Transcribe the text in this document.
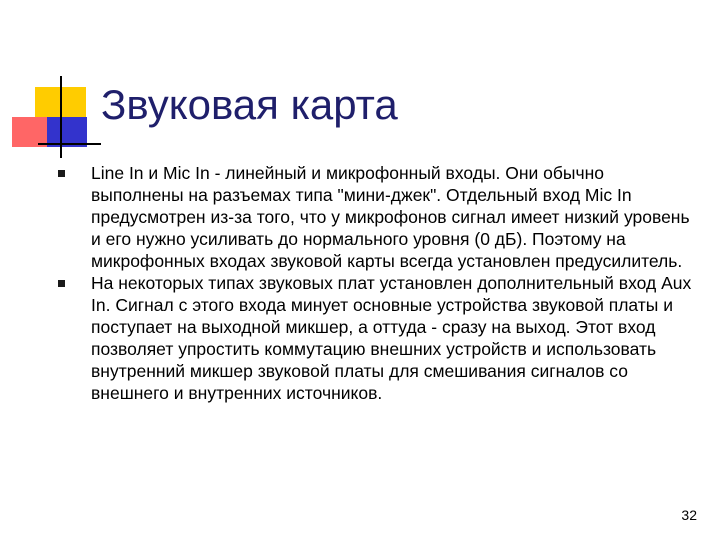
Звуковая карта
Line In и Mic In - линейный и микрофонный входы. Они обычно выполнены на разъемах типа "мини-джек". Отдельный вход Mic In предусмотрен из-за того, что у микрофонов сигнал имеет низкий уровень и его нужно усиливать до нормального уровня (0 дБ). Поэтому на микрофонных входах звуковой карты всегда установлен предусилитель.
На некоторых типах звуковых плат установлен дополнительный вход Aux In. Сигнал с этого входа минует основные устройства звуковой платы и поступает на выходной микшер, а оттуда - сразу на выход. Этот вход позволяет упростить коммутацию внешних устройств и использовать внутренний микшер звуковой платы для смешивания сигналов со внешнего и внутренних источников.
32
